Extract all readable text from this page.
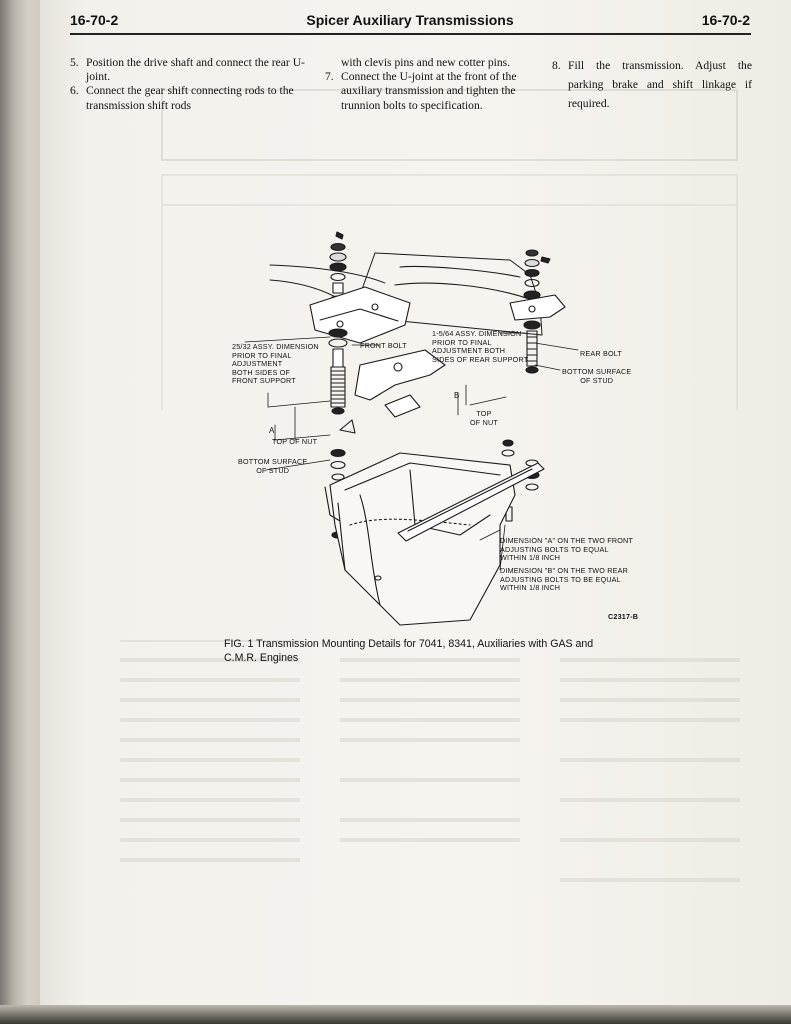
16-70-2	Spicer Auxiliary Transmissions	16-70-2

5. Position the drive shaft and connect the rear U-joint.

6. Connect the gear shift connecting rods to the transmission shift rods

with clevis pins and new cotter pins.

7. Connect the U-joint at the front of the auxiliary transmission and tighten the trunnion bolts to specification.

8. Fill the transmission. Adjust the parking brake and shift linkage if required.

25/32 ASSY. DIMENSION
PRIOR TO FINAL
ADJUSTMENT
BOTH SIDES OF
FRONT SUPPORT
FRONT BOLT
1-5/64 ASSY. DIMENSION
PRIOR TO FINAL
ADJUSTMENT BOTH
SIDES OF REAR SUPPORT
REAR BOLT
BOTTOM SURFACE
OF STUD
A
B
TOP OF NUT
TOP
OF NUT
BOTTOM SURFACE
OF STUD
DIMENSION "A" ON THE TWO FRONT
ADJUSTING BOLTS TO EQUAL
WITHIN 1/8 INCH
DIMENSION "B" ON THE TWO REAR
ADJUSTING BOLTS TO BE EQUAL
WITHIN 1/8 INCH
C2317-B
FIG. 1 Transmission Mounting Details for 7041, 8341, Auxiliaries with GAS and C.M.R. Engines
